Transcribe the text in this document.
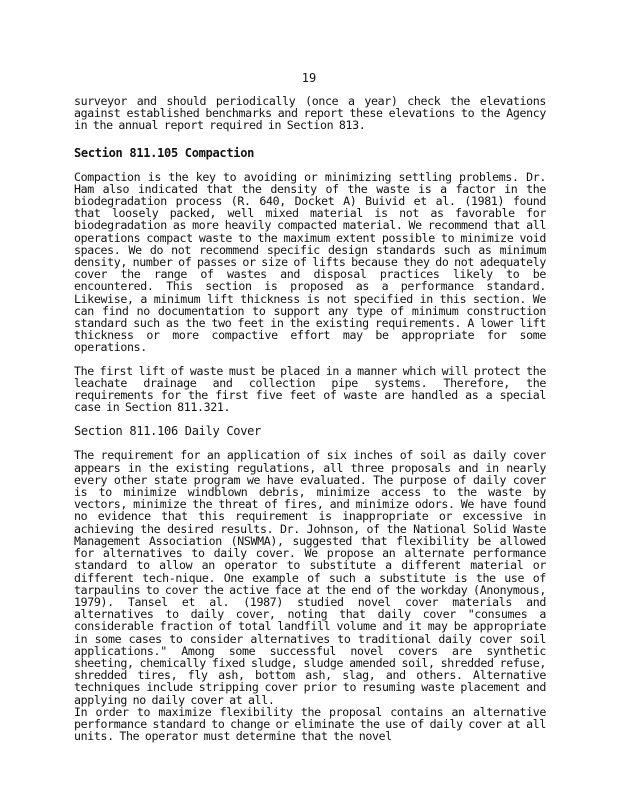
19

surveyor and should periodically (once a year) check the elevations against established benchmarks and report these elevations to the Agency in the annual report required in Section 813.

Section 811.105 Compaction

Compaction is the key to avoiding or minimizing settling problems. Dr. Ham also indicated that the density of the waste is a factor in the biodegradation process (R. 640, Docket A) Buivid et al. (1981) found that loosely packed, well mixed material is not as favorable for biodegradation as more heavily compacted material. We recommend that all operations compact waste to the maximum extent possible to minimize void spaces. We do not recommend specific design standards such as minimum density, number of passes or size of lifts because they do not adequately cover the range of wastes and disposal practices likely to be encountered. This section is proposed as a performance standard. Likewise, a minimum lift thickness is not specified in this section. We can find no documentation to support any type of minimum construction standard such as the two feet in the existing requirements. A lower lift thickness or more compactive effort may be appropriate for some operations.

The first lift of waste must be placed in a manner which will protect the leachate drainage and collection pipe systems. Therefore, the requirements for the first five feet of waste are handled as a special case in Section 811.321.

Section 811.106 Daily Cover

The requirement for an application of six inches of soil as daily cover appears in the existing regulations, all three proposals and in nearly every other state program we have evaluated. The purpose of daily cover is to minimize windblown debris, minimize access to the waste by vectors, minimize the threat of fires, and minimize odors. We have found no evidence that this requirement is inappropriate or excessive in achieving the desired results. Dr. Johnson, of the National Solid Waste Management Association (NSWMA), suggested that flexibility be allowed for alternatives to daily cover. We propose an alternate performance standard to allow an operator to substitute a different material or different tech-nique. One example of such a substitute is the use of tarpaulins to cover the active face at the end of the workday (Anonymous, 1979). Tansel et al. (1987) studied novel cover materials and alternatives to daily cover, noting that daily cover "consumes a considerable fraction of total landfill volume and it may be appropriate in some cases to consider alternatives to traditional daily cover soil applications." Among some successful novel covers are synthetic sheeting, chemically fixed sludge, sludge amended soil, shredded refuse, shredded tires, fly ash, bottom ash, slag, and others. Alternative techniques include stripping cover prior to resuming waste placement and applying no daily cover at all.

In order to maximize flexibility the proposal contains an alternative performance standard to change or eliminate the use of daily cover at all units. The operator must determine that the novel
